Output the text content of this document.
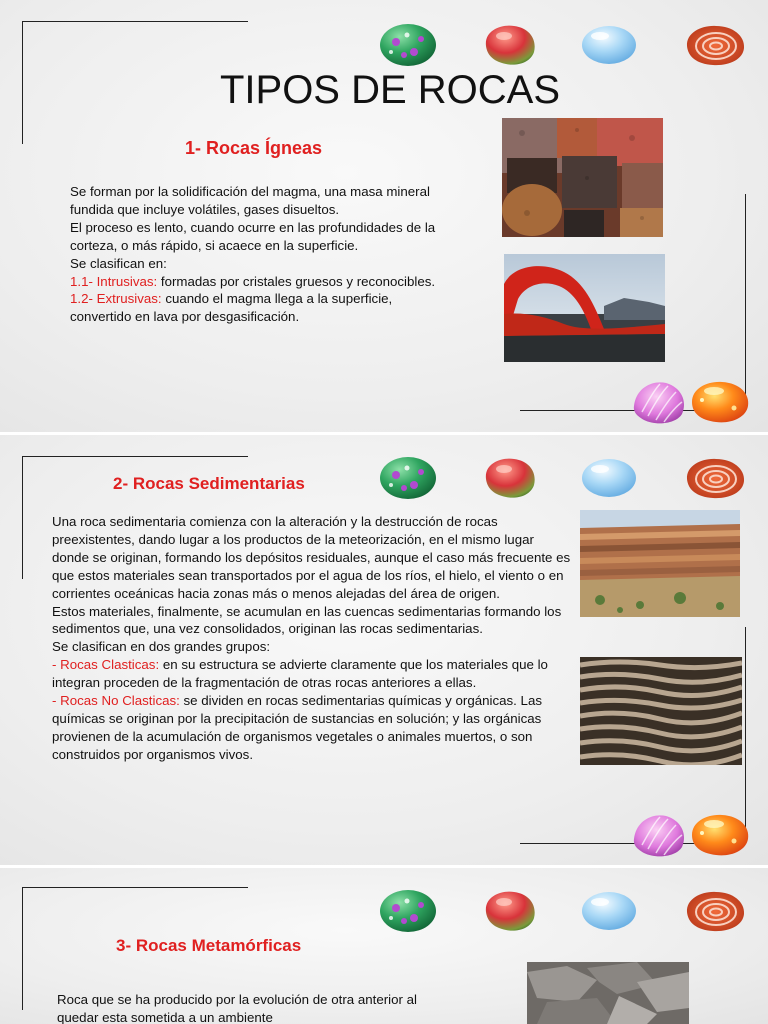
TIPOS DE ROCAS
1- Rocas Ígneas

Se forman por la solidificación del magma, una masa mineral fundida que incluye volátiles, gases disueltos.

El proceso es lento, cuando ocurre en las profundidades de la corteza, o más rápido, si acaece en la superficie.

Se clasifican en:

1.1- Intrusivas: formadas por cristales gruesos y reconocibles.

1.2- Extrusivas: cuando el magma llega a la superficie, convertido en lava por desgasificación.

2- Rocas Sedimentarias

Una roca sedimentaria comienza con la alteración y la destrucción de rocas preexistentes, dando lugar a los productos de la meteorización, en el mismo lugar donde se originan, formando los depósitos residuales, aunque el caso más frecuente es que estos materiales sean transportados por el agua de los ríos, el hielo, el viento o en corrientes oceánicas hacia zonas más o menos alejadas del área de origen.

Estos materiales, finalmente, se acumulan en las cuencas sedimentarias formando los sedimentos que, una vez consolidados, originan las rocas sedimentarias.

Se clasifican en dos grandes grupos:

- Rocas Clasticas: en su estructura se advierte claramente que los materiales que lo integran proceden de la fragmentación de otras rocas anteriores a ellas.

- Rocas No Clasticas: se dividen en rocas sedimentarias químicas y orgánicas. Las químicas se originan por la precipitación de sustancias en solución; y las orgánicas provienen de la acumulación de organismos vegetales o animales muertos, o son construidos por organismos vivos.

3- Rocas Metamórficas

Roca que se ha producido por la evolución de otra anterior al quedar esta sometida a un ambiente
